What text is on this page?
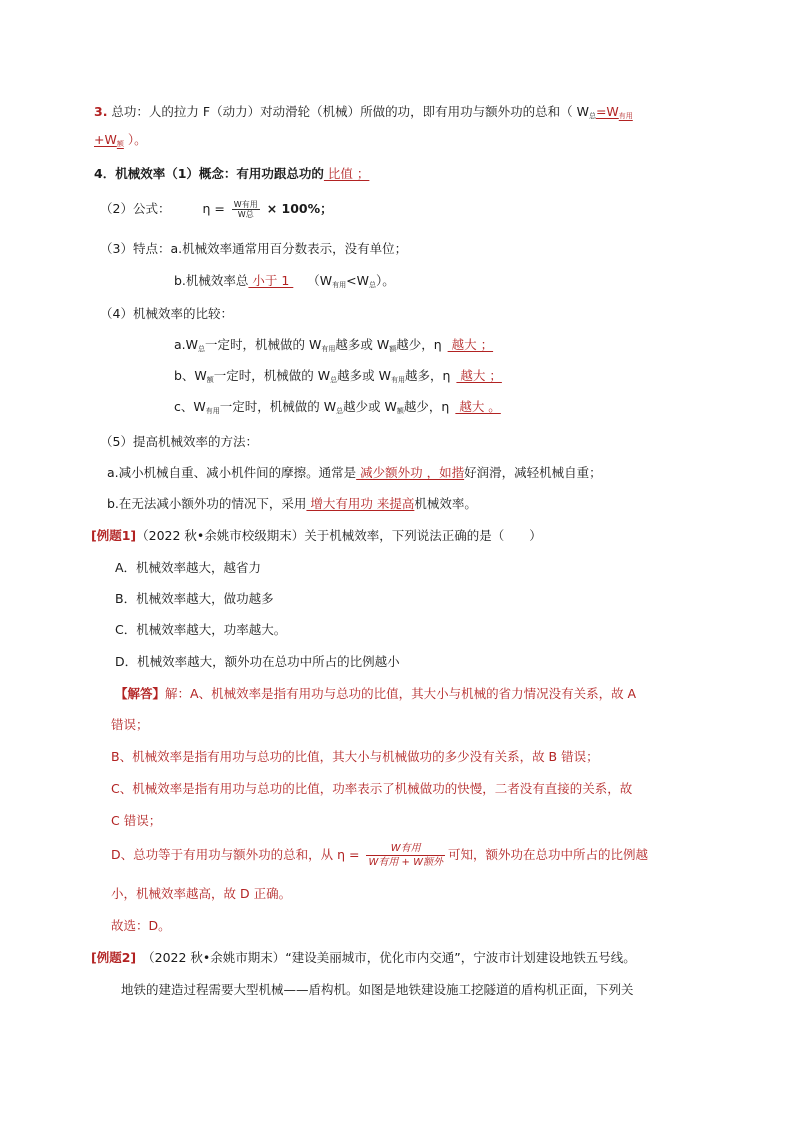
3. 总功：人的拉力 F（动力）对动滑轮（机械）所做的功，即有用功与额外功的总和（ $W_总=W_{有用}$
$+W_额$ ）。
4．机械效率（1）概念：有用功跟总功的 比值 ；
（2）公式：	$\eta = \frac{\text{W有用}}{\text{W总}} \times 100\%$；
（3）特点：a.机械效率通常用百分数表示，没有单位；
b.机械效率总 小于 1 $(W_{有用}<W_总)$。
（4）机械效率的比较：
$a.W_总$一定时，机械做的 $W_{有用}$越多或 $W_额$越少，η 越大 ；
b、$W_额$一定时，机械做的 $W_总$越多或 $W_{有用}$越多，η 越大 ；
c、$W_{有用}$一定时，机械做的 $W_总$越少或 $W_额$越少，η 越大 。
（5）提高机械效率的方法：
a.减小机械自重、减小机件间的摩擦。通常是 减少额外功 ，如揩好润滑，减轻机械自重；
b.在无法减小额外功的情况下，采用 增大有用功 来提高机械效率。
[例题1]（2022 秋•余姚市校级期末）关于机械效率，下列说法正确的是（　　）
A．机械效率越大，越省力
B．机械效率越大，做功越多
C．机械效率越大，功率越大。
D．机械效率越大，额外功在总功中所占的比例越小
【解答】解：A、机械效率是指有用功与总功的比值，其大小与机械的省力情况没有关系，故 A
错误；
B、机械效率是指有用功与总功的比值，其大小与机械做功的多少没有关系，故 B 错误；
C、机械效率是指有用功与总功的比值，功率表示了机械做功的快慢，二者没有直接的关系，故
C 错误；
D、总功等于有用功与额外功的总和，从 $\eta = \frac{\text{W有用}}{\text{W有用 + W额外}}$ 可知，额外功在总功中所占的比例越
小，机械效率越高，故 D 正确。
故选：D。
[例题2] （2022 秋•余姚市期末）“建设美丽城市，优化市内交通”，宁波市计划建设地铁五号线。
地铁的建造过程需要大型机械——盾构机。如图是地铁建设施工挖隧道的盾构机正面，下列关
